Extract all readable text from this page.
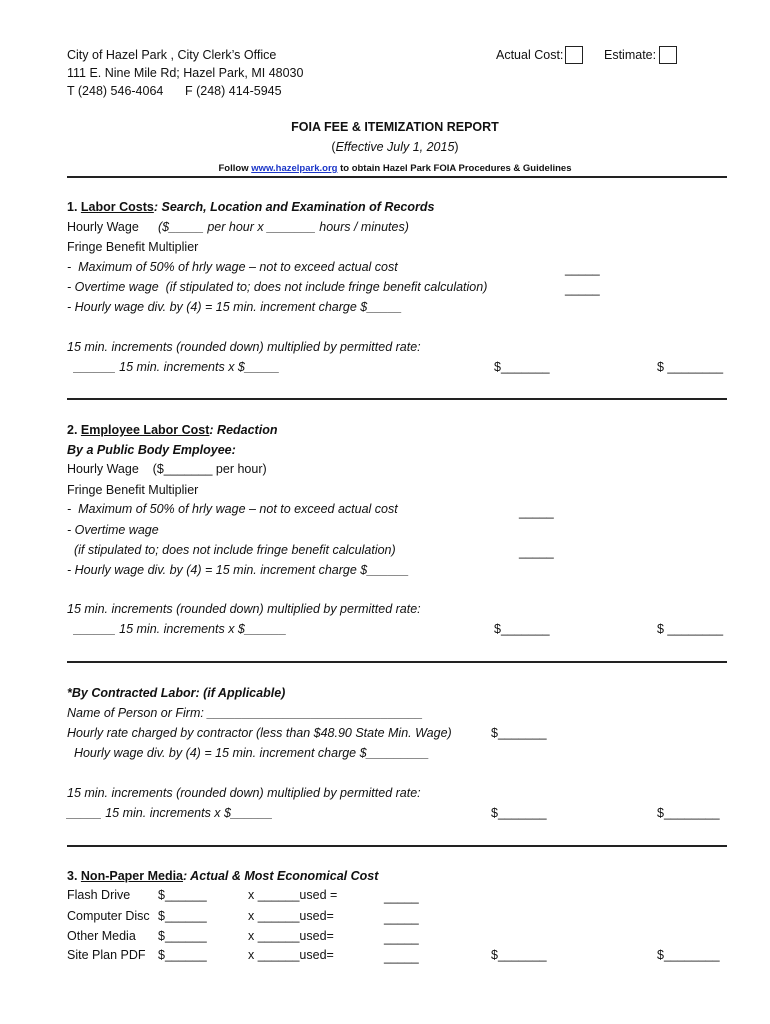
City of Hazel Park , City Clerk’s Office
111 E. Nine Mile Rd; Hazel Park, MI 48030
T (248) 546-4064 F (248) 414-5945
Actual Cost:	Estimate:
FOIA FEE & ITEMIZATION REPORT
(Effective July 1, 2015)
Follow www.hazelpark.org to obtain Hazel Park FOIA Procedures & Guidelines
1. Labor Costs: Search, Location and Examination of Records
Hourly Wage ($_____ per hour x _______ hours / minutes)
Fringe Benefit Multiplier
-  Maximum of 50% of hrly wage – not to exceed actual cost
- Overtime wage  (if stipulated to; does not include fringe benefit calculation)
- Hourly wage div. by (4) = 15 min. increment charge $_____
_____
_____
15 min. increments (rounded down) multiplied by permitted rate:
______ 15 min. increments x $_____	$_______	$ ________
2. Employee Labor Cost: Redaction
By a Public Body Employee:
Hourly Wage    ($_______ per hour)
Fringe Benefit Multiplier
-  Maximum of 50% of hrly wage – not to exceed actual cost
- Overtime wage
(if stipulated to; does not include fringe benefit calculation)
- Hourly wage div. by (4) = 15 min. increment charge $______
_____
_____
15 min. increments (rounded down) multiplied by permitted rate:
______ 15 min. increments x $______	$_______	$ ________
*By Contracted Labor: (if Applicable)
Name of Person or Firm: _______________________________
Hourly rate charged by contractor (less than $48.90 State Min. Wage)	$_______
Hourly wage div. by (4) = 15 min. increment charge $_________
15 min. increments (rounded down) multiplied by permitted rate:
_____ 15 min. increments x $______	$_______	$________
3. Non-Paper Media: Actual & Most Economical Cost
Flash Drive $______	x ______used =	_____
Computer Disc $______	x ______used=	_____
Other Media $______	x ______used=	_____
Site Plan PDF $______	x ______used=	_____	$_______	$________
